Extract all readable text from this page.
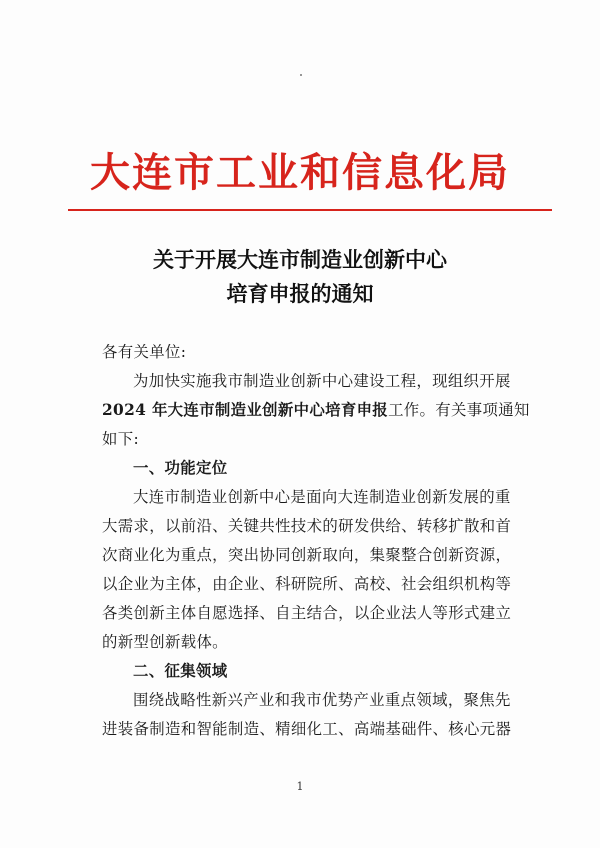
大连市工业和信息化局
关于开展大连市制造业创新中心
培育申报的通知
各有关单位:
为加快实施我市制造业创新中心建设工程，现组织开展
2024 年大连市制造业创新中心培育申报工作。有关事项通知
如下:
一、功能定位
大连市制造业创新中心是面向大连制造业创新发展的重
大需求，以前沿、关键共性技术的研发供给、转移扩散和首
次商业化为重点，突出协同创新取向，集聚整合创新资源，
以企业为主体，由企业、科研院所、高校、社会组织机构等
各类创新主体自愿选择、自主结合，以企业法人等形式建立
的新型创新载体。
二、征集领域
围绕战略性新兴产业和我市优势产业重点领域，聚焦先
进装备制造和智能制造、精细化工、高端基础件、核心元器
1
